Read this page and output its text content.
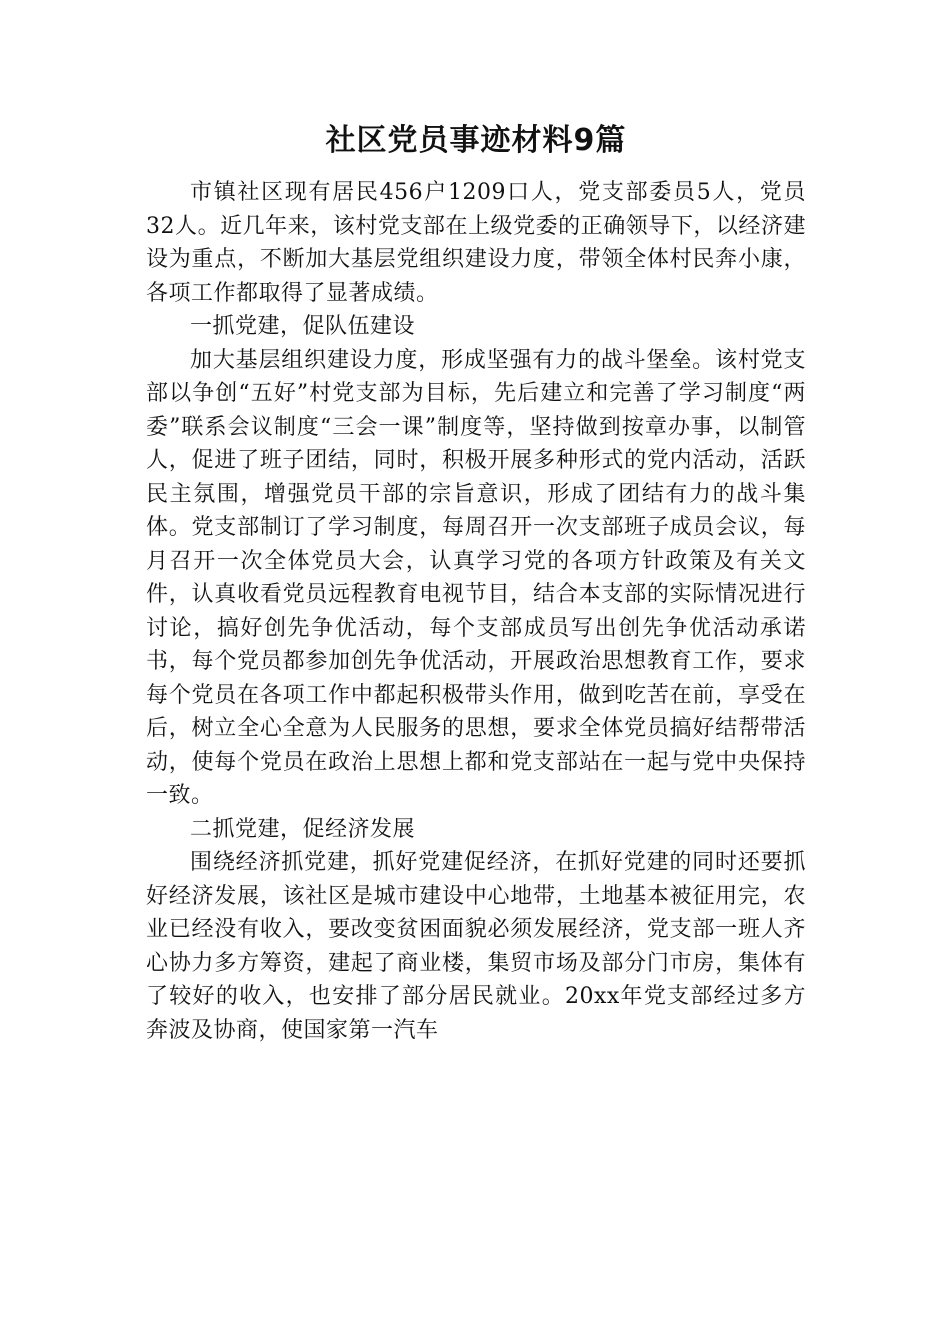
社区党员事迹材料9篇

市镇社区现有居民456户1209口人，党支部委员5人，党员32人。近几年来，该村党支部在上级党委的正确领导下，以经济建设为重点，不断加大基层党组织建设力度，带领全体村民奔小康，各项工作都取得了显著成绩。

一抓党建，促队伍建设

加大基层组织建设力度，形成坚强有力的战斗堡垒。该村党支部以争创“五好”村党支部为目标，先后建立和完善了学习制度“两委”联系会议制度“三会一课”制度等，坚持做到按章办事，以制管人，促进了班子团结，同时，积极开展多种形式的党内活动，活跃民主氛围，增强党员干部的宗旨意识，形成了团结有力的战斗集体。党支部制订了学习制度，每周召开一次支部班子成员会议，每月召开一次全体党员大会，认真学习党的各项方针政策及有关文件，认真收看党员远程教育电视节目，结合本支部的实际情况进行讨论，搞好创先争优活动，每个支部成员写出创先争优活动承诺书，每个党员都参加创先争优活动，开展政治思想教育工作，要求每个党员在各项工作中都起积极带头作用，做到吃苦在前，享受在后，树立全心全意为人民服务的思想，要求全体党员搞好结帮带活动，使每个党员在政治上思想上都和党支部站在一起与党中央保持一致。

二抓党建，促经济发展

围绕经济抓党建，抓好党建促经济，在抓好党建的同时还要抓好经济发展，该社区是城市建设中心地带，土地基本被征用完，农业已经没有收入，要改变贫困面貌必须发展经济，党支部一班人齐心协力多方筹资，建起了商业楼，集贸市场及部分门市房，集体有了较好的收入，也安排了部分居民就业。20xx年党支部经过多方奔波及协商，使国家第一汽车
